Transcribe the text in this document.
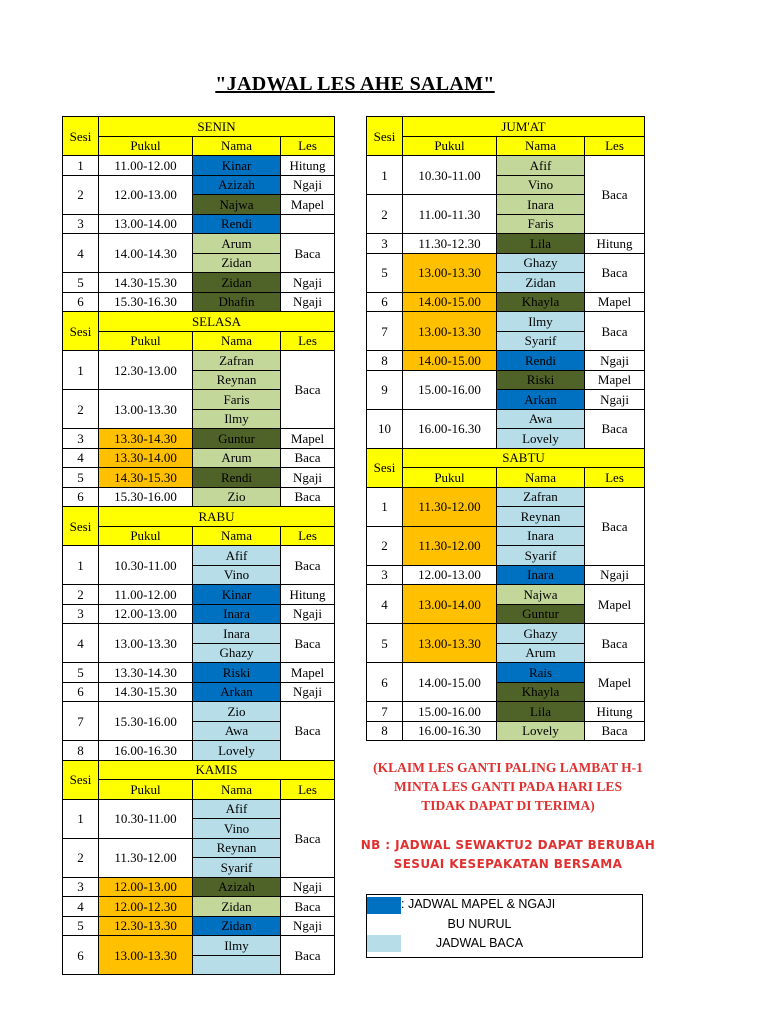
"JADWAL LES AHE SALAM"
Sesi	SENIN		
	Pukul	Nama	Les
1	11.00-12.00	Kinar	Hitung
2	12.00-13.00	Azizah	Ngaji
		Najwa	Mapel
3	13.00-14.00	Rendi	
4	14.00-14.30	Arum	Baca
		Zidan	
5	14.30-15.30	Zidan	Ngaji
6	15.30-16.30	Dhafin	Ngaji
Sesi	SELASA		
	Pukul	Nama	Les
1	12.30-13.00	Zafran	Baca
		Reynan	
2	13.00-13.30	Faris	
		Ilmy	
3	13.30-14.30	Guntur	Mapel
4	13.30-14.00	Arum	Baca
5	14.30-15.30	Rendi	Ngaji
6	15.30-16.00	Zio	Baca
Sesi	RABU		
	Pukul	Nama	Les
1	10.30-11.00	Afif	Baca
		Vino	
2	11.00-12.00	Kinar	Hitung
3	12.00-13.00	Inara	Ngaji
4	13.00-13.30	Inara	Baca
		Ghazy	
5	13.30-14.30	Riski	Mapel
6	14.30-15.30	Arkan	Ngaji
7	15.30-16.00	Zio	Baca
		Awa	
8	16.00-16.30	Lovely	
Sesi	KAMIS		
	Pukul	Nama	Les
1	10.30-11.00	Afif	Baca
		Vino	
2	11.30-12.00	Reynan	
		Syarif	
3	12.00-13.00	Azizah	Ngaji
4	12.00-12.30	Zidan	Baca
5	12.30-13.30	Zidan	Ngaji
6	13.00-13.30	Ilmy	Baca

Sesi	JUM'AT		
	Pukul	Nama	Les
1	10.30-11.00	Afif	Baca
		Vino	
2	11.00-11.30	Inara	
		Faris	
3	11.30-12.30	Lila	Hitung
5	13.00-13.30	Ghazy	Baca
		Zidan	
6	14.00-15.00	Khayla	Mapel
7	13.00-13.30	Ilmy	Baca
		Syarif	
8	14.00-15.00	Rendi	Ngaji
9	15.00-16.00	Riski	Mapel
		Arkan	Ngaji
10	16.00-16.30	Awa	Baca
		Lovely	
Sesi	SABTU		
	Pukul	Nama	Les
1	11.30-12.00	Zafran	Baca
		Reynan	
2	11.30-12.00	Inara	
		Syarif	
3	12.00-13.00	Inara	Ngaji
4	13.00-14.00	Najwa	Mapel
		Guntur	
5	13.00-13.30	Ghazy	Baca
		Arum	
6	14.00-15.00	Rais	Mapel
		Khayla	
7	15.00-16.00	Lila	Hitung
8	16.00-16.30	Lovely	Baca
(KLAIM LES GANTI PALING LAMBAT H-1
MINTA LES GANTI PADA HARI LES
TIDAK DAPAT DI TERIMA)
NB : JADWAL SEWAKTU2 DAPAT BERUBAH
SESUAI KESEPAKATAN BERSAMA
: JADWAL MAPEL & NGAJI
BU NURUL
JADWAL BACA
